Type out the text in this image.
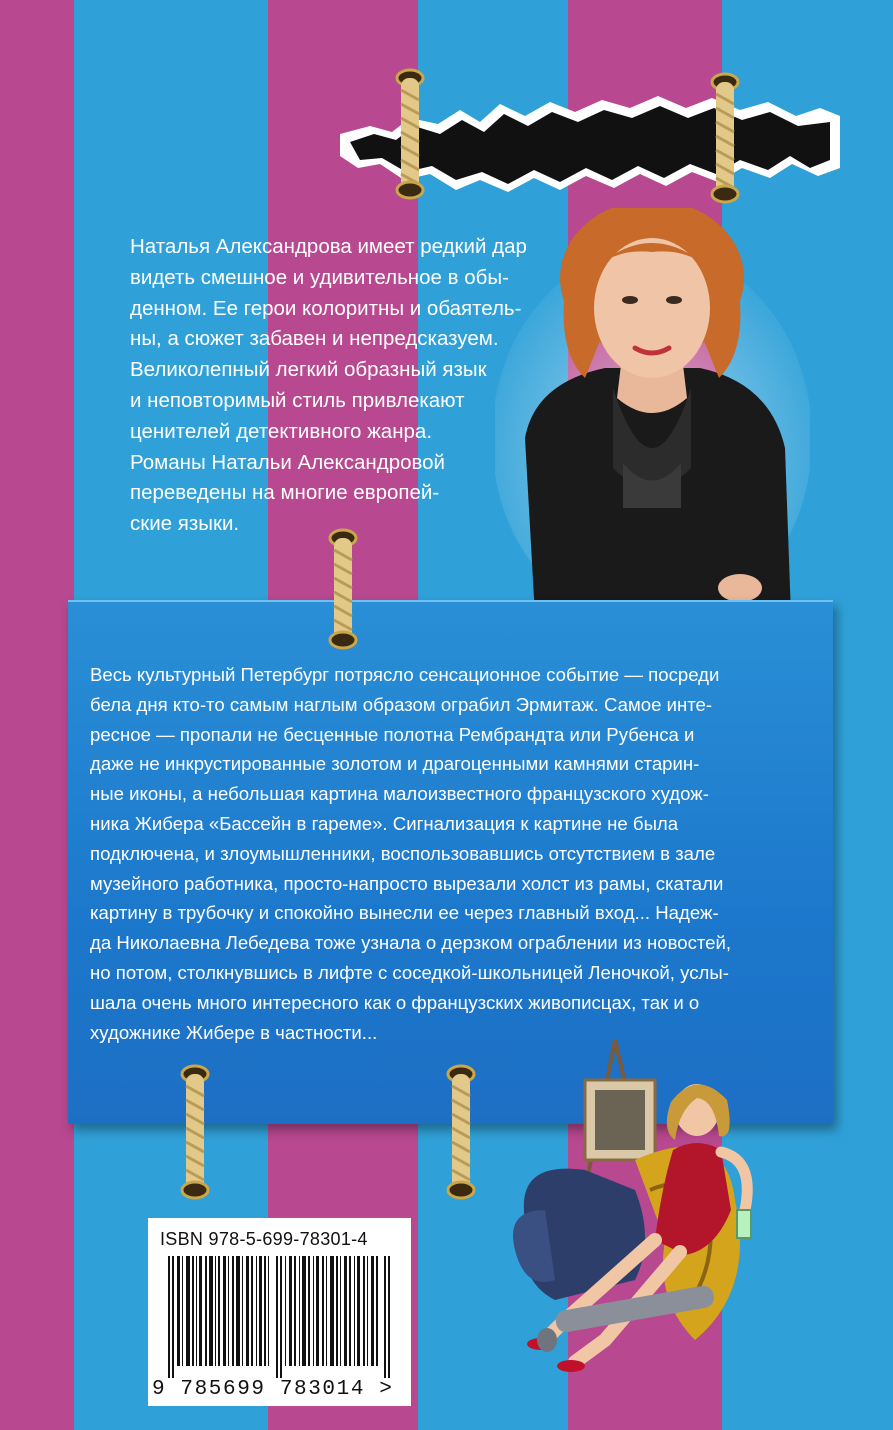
Наталья Александрова имеет редкий дар
видеть смешное и удивительное в обы-
денном. Ее герои колоритны и обаятель-
ны, а сюжет забавен и непредсказуем.
Великолепный легкий образный язык
и неповторимый стиль привлекают
ценителей детективного жанра.
Романы Натальи Александровой
переведены на многие европей-
ские языки.
Весь культурный Петербург потрясло сенсационное событие — посреди
бела дня кто-то самым наглым образом ограбил Эрмитаж. Самое инте-
ресное — пропали не бесценные полотна Рембрандта или Рубенса и
даже не инкрустированные золотом и драгоценными камнями старин-
ные иконы, а небольшая картина малоизвестного французского худож-
ника Жибера «Бассейн в гареме». Сигнализация к картине не была
подключена, и злоумышленники, воспользовавшись отсутствием в зале
музейного работника, просто-напросто вырезали холст из рамы, скатали
картину в трубочку и спокойно вынесли ее через главный вход... Надеж-
да Николаевна Лебедева тоже узнала о дерзком ограблении из новостей,
но потом, столкнувшись в лифте с соседкой-школьницей Леночкой, услы-
шала очень много интересного как о французских живописцах, так и о
художнике Жибере в частности...
ISBN 978-5-699-78301-4
9 785699 783014 >
